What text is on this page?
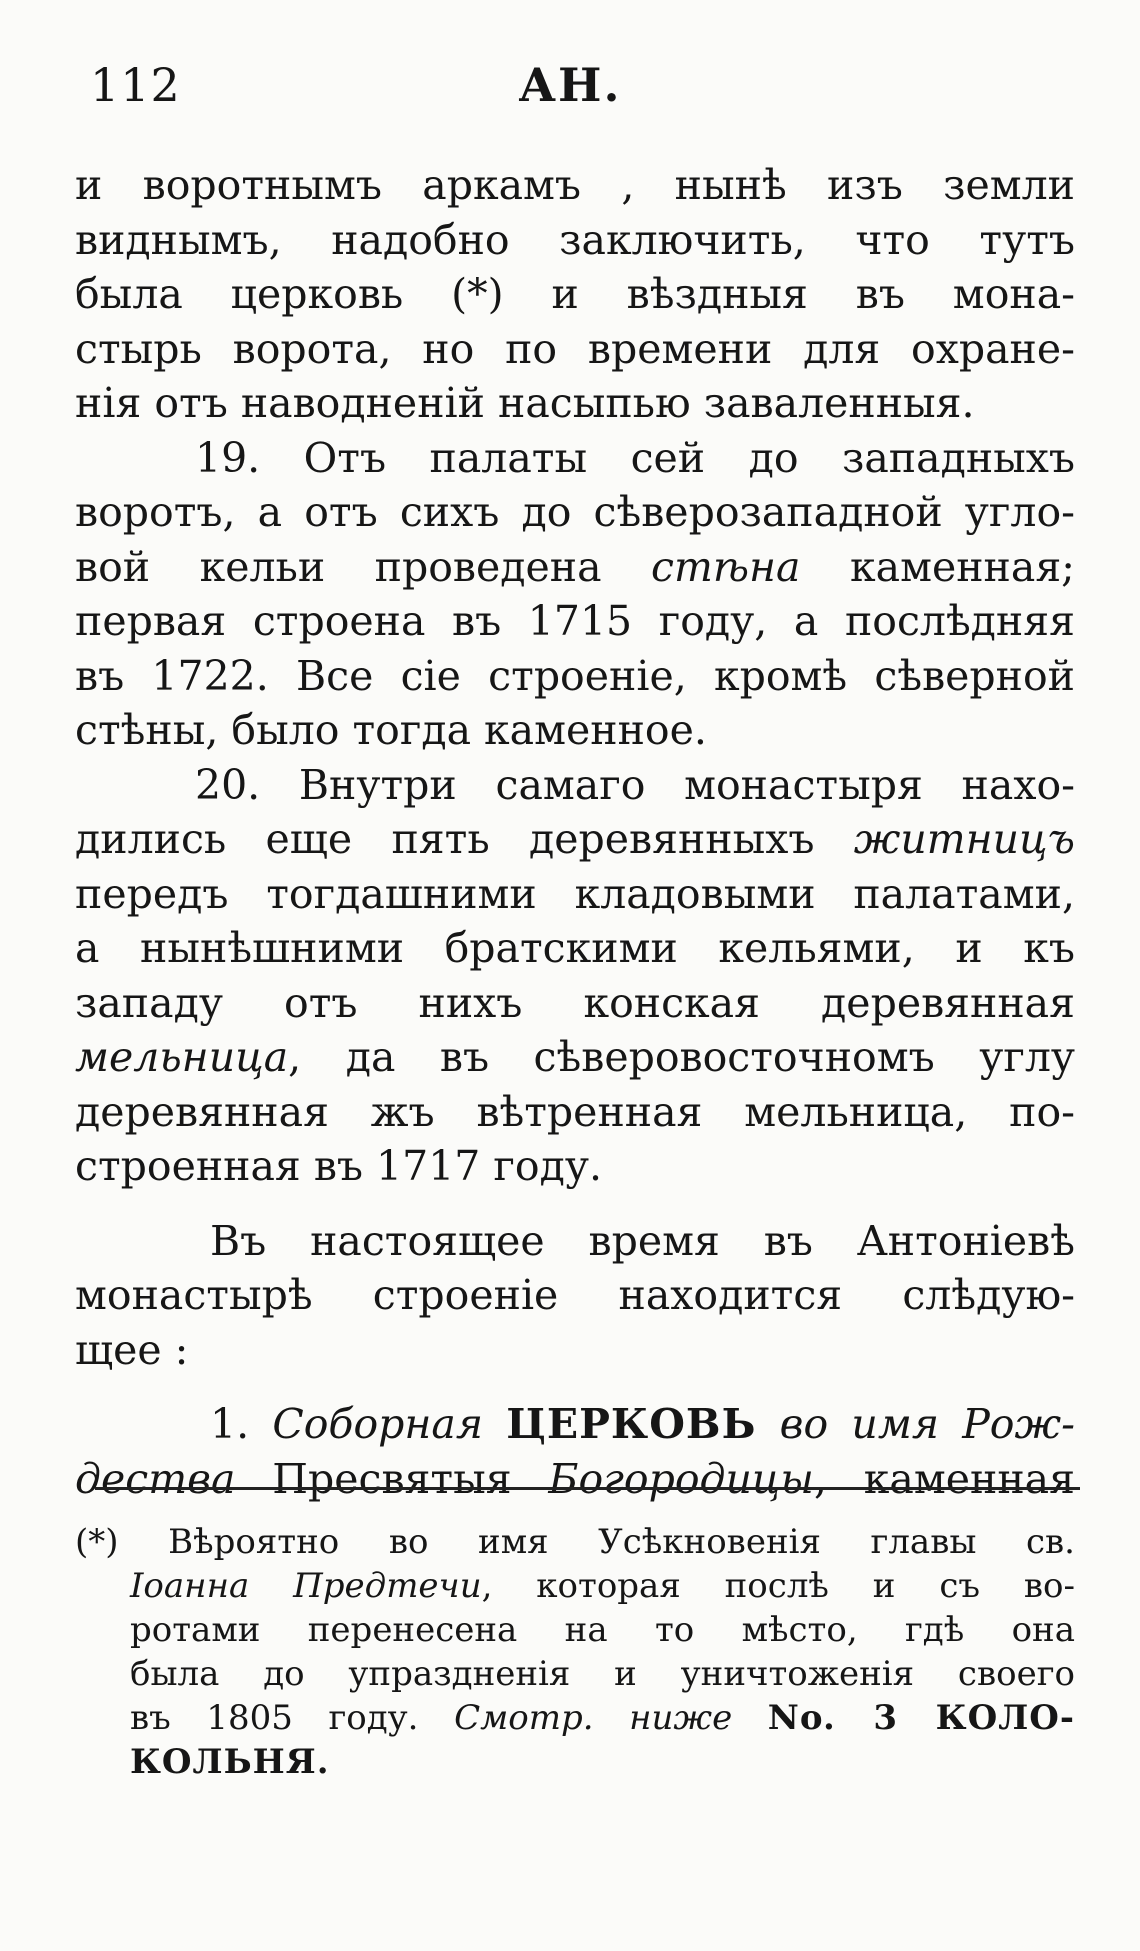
112	АН.
и воротнымъ аркамъ , нынѣ изъ земли
виднымъ, надобно заключить, что тутъ
была церковь (*) и вѣздныя въ мона-
стырь ворота, но по времени для охране-
нія отъ наводненій насыпью заваленныя.
19. Отъ палаты сей до западныхъ
воротъ, а отъ сихъ до сѣверозападной угло-
вой кельи проведена стѣна каменная;
первая строена въ 1715 году, а послѣдняя
въ 1722. Все сіе строеніе, кромѣ сѣверной
стѣны, было тогда каменное.
20. Внутри самаго монастыря нахо-
дились еще пять деревянныхъ житницъ
передъ тогдашними кладовыми палатами,
а нынѣшними братскими кельями, и къ
западу отъ нихъ конская деревянная
мельница, да въ сѣверовосточномъ углу
деревянная жъ вѣтренная мельница, по-
строенная въ 1717 году.
Въ настоящее время въ Антоніевѣ
монастырѣ строеніе находится слѣдую-
щее :
1. Соборная ЦЕРКОВЬ во имя Рож-
дества Пресвятыя Богородицы, каменная
(*) Вѣроятно во имя Усѣкновенія главы св.
Іоанна Предтечи, которая послѣ и съ во-
ротами перенесена на то мѣсто, гдѣ она
была до упраздненія и уничтоженія своего
въ 1805 году. Смотр. ниже No. 3 КОЛО-
КОЛЬНЯ.
